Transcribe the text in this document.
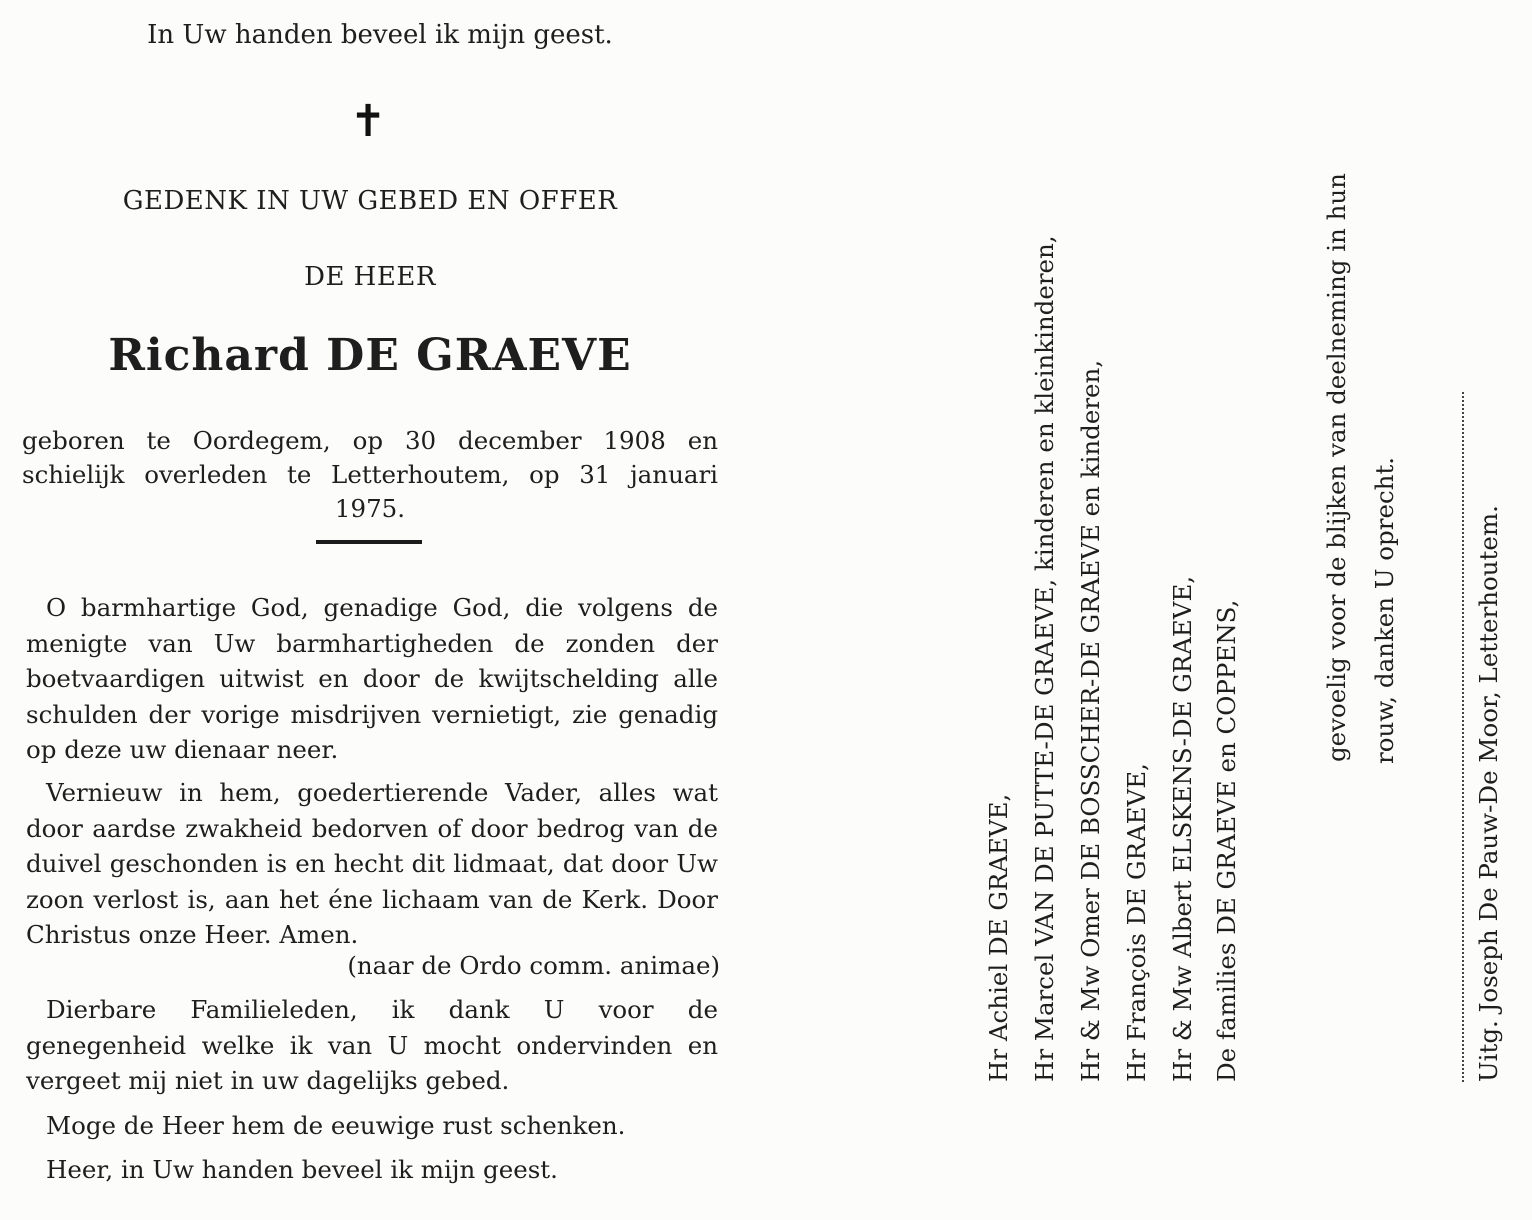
In Uw handen beveel ik mijn geest.
✝
GEDENK IN UW GEBED EN OFFER
DE HEER
Richard DE GRAEVE
geboren te Oordegem, op 30 december 1908 en schielijk overleden te Letterhoutem, op 31 januari 1975.

O barmhartige God, genadige God, die volgens de menigte van Uw barmhartigheden de zonden der boetvaardigen uitwist en door de kwijtschelding alle schulden der vorige misdrijven vernietigt, zie genadig op deze uw dienaar neer.

Vernieuw in hem, goedertierende Vader, alles wat door aardse zwakheid bedorven of door bedrog van de duivel geschonden is en hecht dit lidmaat, dat door Uw zoon verlost is, aan het éne lichaam van de Kerk. Door Christus onze Heer. Amen.

(naar de Ordo comm. animae)

Dierbare Familieleden, ik dank U voor de genegenheid welke ik van U mocht ondervinden en vergeet mij niet in uw dagelijks gebed.

Moge de Heer hem de eeuwige rust schenken.

Heer, in Uw handen beveel ik mijn geest.

Hr Achiel DE GRAEVE, Hr Marcel VAN DE PUTTE-DE GRAEVE, kinderen en kleinkinderen, Hr & Mw Omer DE BOSSCHER-DE GRAEVE en kinderen, Hr François DE GRAEVE, Hr & Mw Albert ELSKENS-DE GRAEVE, De families DE GRAEVE en COPPENS,
gevoelig voor de blijken van deelneming in hun rouw, danken U oprecht.	Uitg. Joseph De Pauw-De Moor, Letterhoutem.
